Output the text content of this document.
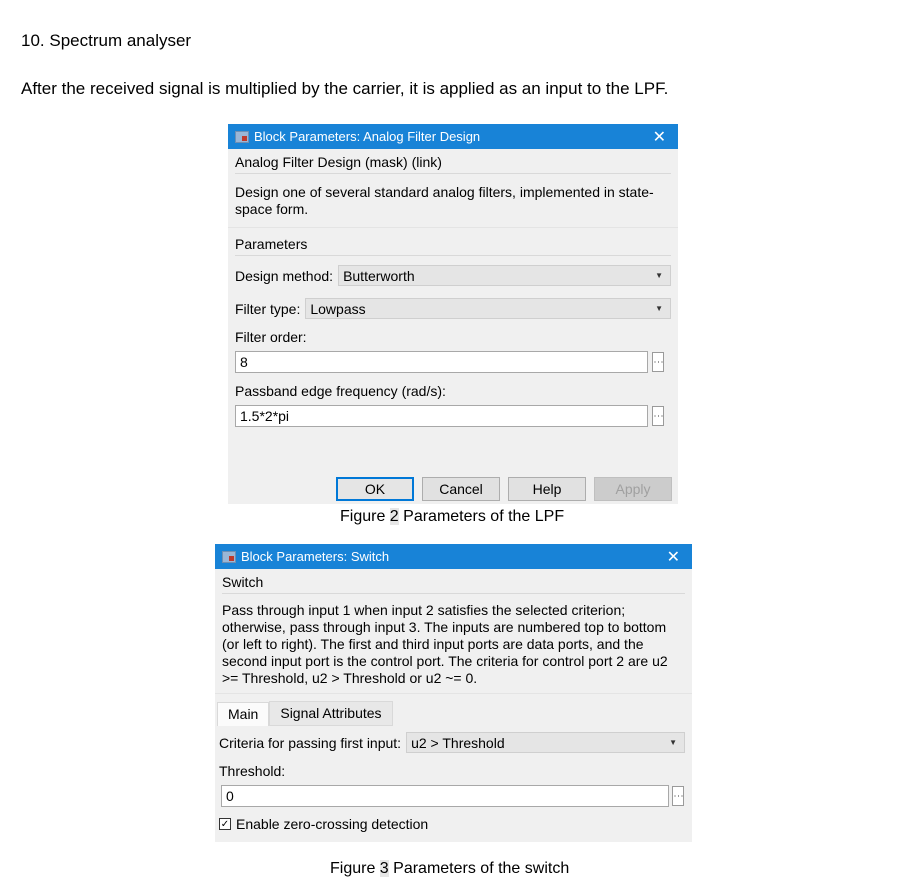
10. Spectrum analyser
After the received signal is multiplied by the carrier, it is applied as an input to the LPF.
Block Parameters: Analog Filter Design	✕
Analog Filter Design (mask) (link)
Design one of several standard analog filters, implemented in state-space form.
Parameters
Design method: Butterworth	▼
Filter type: Lowpass	▼
Filter order:
8	⋮
Passband edge frequency (rad/s):
1.5*2*pi	⋮
OK	Cancel	Help	Apply
Figure 2 Parameters of the LPF
Block Parameters: Switch	✕
Switch
Pass through input 1 when input 2 satisfies the selected criterion; otherwise, pass through input 3. The inputs are numbered top to bottom (or left to right). The first and third input ports are data ports, and the second input port is the control port. The criteria for control port 2 are u2 >= Threshold, u2 > Threshold or u2 ~= 0.
Main	Signal Attributes
Criteria for passing first input: u2 > Threshold	▼
Threshold:
0	⋮
✓ Enable zero-crossing detection
Figure 3 Parameters of the switch
